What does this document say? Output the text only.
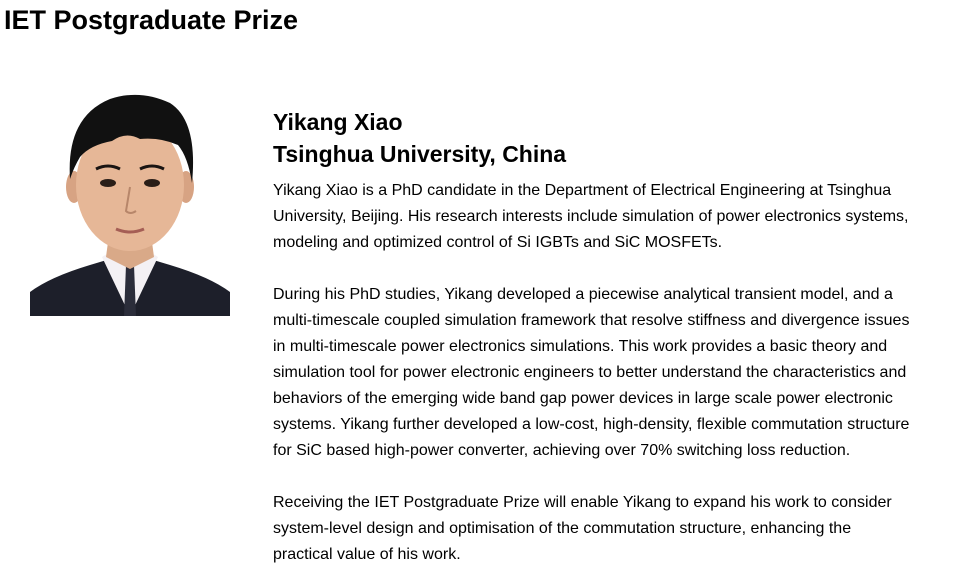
IET Postgraduate Prize
Yikang Xiao
Tsinghua University, China

Yikang Xiao is a PhD candidate in the Department of Electrical Engineering at Tsinghua
University, Beijing. His research interests include simulation of power electronics systems,
modeling and optimized control of Si IGBTs and SiC MOSFETs.

During his PhD studies, Yikang developed a piecewise analytical transient model, and a
multi-timescale coupled simulation framework that resolve stiffness and divergence issues
in multi-timescale power electronics simulations. This work provides a basic theory and
simulation tool for power electronic engineers to better understand the characteristics and
behaviors of the emerging wide band gap power devices in large scale power electronic
systems. Yikang further developed a low-cost, high-density, flexible commutation structure
for SiC based high-power converter, achieving over 70% switching loss reduction.

Receiving the IET Postgraduate Prize will enable Yikang to expand his work to consider
system-level design and optimisation of the commutation structure, enhancing the
practical value of his work.
